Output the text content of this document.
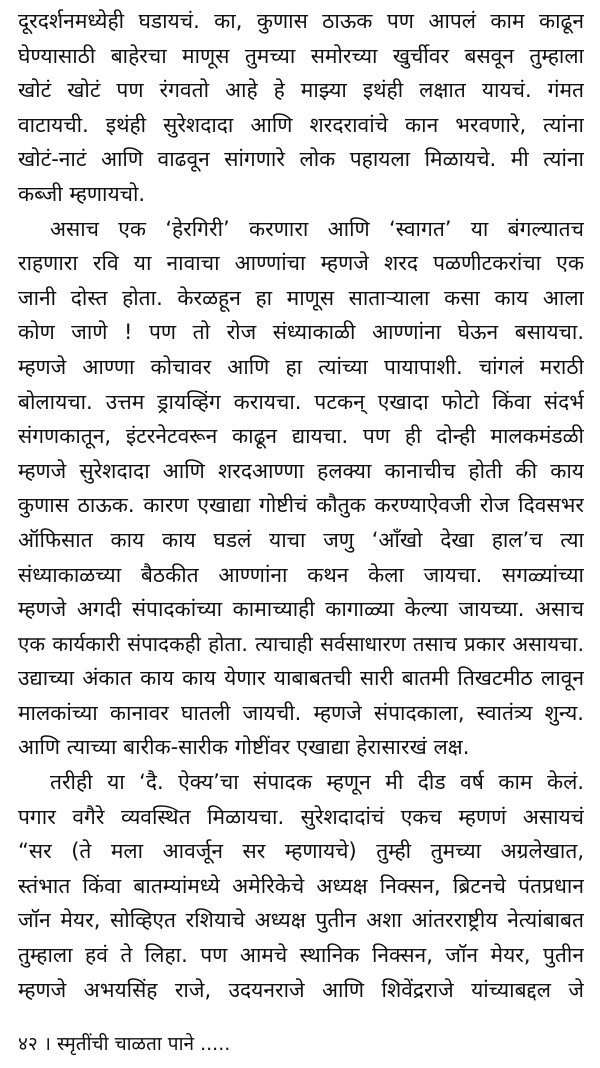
दूरदर्शनमध्येही घडायचं. का, कुणास ठाऊक पण आपलं काम काढून
घेण्यासाठी बाहेरचा माणूस तुमच्या समोरच्या खुर्चीवर बसवून तुम्हाला
खोटं खोटं पण रंगवतो आहे हे माझ्या इथंही लक्षात यायचं. गंमत
वाटायची. इथंही सुरेशदादा आणि शरदरावांचे कान भरवणारे, त्यांना
खोटं-नाटं आणि वाढवून सांगणारे लोक पहायला मिळायचे. मी त्यांना
कब्जी म्हणायचो.
असाच एक ‘हेरगिरी’ करणारा आणि ‘स्वागत’ या बंगल्यातच
राहणारा रवि या नावाचा आण्णांचा म्हणजे शरद पळणीटकरांचा एक
जानी दोस्त होता. केरळहून हा माणूस साताऱ्याला कसा काय आला
कोण जाणे ! पण तो रोज संध्याकाळी आण्णांना घेऊन बसायचा.
म्हणजे आण्णा कोचावर आणि हा त्यांच्या पायापाशी. चांगलं मराठी
बोलायचा. उत्तम ड्रायव्हिंग करायचा. पटकन् एखादा फोटो किंवा संदर्भ
संगणकातून, इंटरनेटवरून काढून द्यायचा. पण ही दोन्ही मालकमंडळी
म्हणजे सुरेशदादा आणि शरदआण्णा हलक्या कानाचीच होती की काय
कुणास ठाऊक. कारण एखाद्या गोष्टीचं कौतुक करण्याऐवजी रोज दिवसभर
ऑफिसात काय काय घडलं याचा जणु ‘आँखो देखा हाल’च त्या
संध्याकाळच्या बैठकीत आण्णांना कथन केला जायचा. सगळ्यांच्या
म्हणजे अगदी संपादकांच्या कामाच्याही कागाळ्या केल्या जायच्या. असाच
एक कार्यकारी संपादकही होता. त्याचाही सर्वसाधारण तसाच प्रकार असायचा.
उद्याच्या अंकात काय काय येणार याबाबतची सारी बातमी तिखटमीठ लावून
मालकांच्या कानावर घातली जायची. म्हणजे संपादकाला, स्वातंत्र्य शुन्य.
आणि त्याच्या बारीक-सारीक गोष्टींवर एखाद्या हेरासारखं लक्ष.
तरीही या ‘दै. ऐक्य’चा संपादक म्हणून मी दीड वर्ष काम केलं.
पगार वगैरे व्यवस्थित मिळायचा. सुरेशदादांचं एकच म्हणणं असायचं
“सर (ते मला आवर्जून सर म्हणायचे) तुम्ही तुमच्या अग्रलेखात,
स्तंभात किंवा बातम्यांमध्ये अमेरिकेचे अध्यक्ष निक्सन, ब्रिटनचे पंतप्रधान
जॉन मेयर, सोव्हिएत रशियाचे अध्यक्ष पुतीन अशा आंतरराष्ट्रीय नेत्यांबाबत
तुम्हाला हवं ते लिहा. पण आमचे स्थानिक निक्सन, जॉन मेयर, पुतीन
म्हणजे अभयसिंह राजे, उदयनराजे आणि शिवेंद्रराजे यांच्याबद्दल जे
४२ । स्मृतींची चाळता पाने .....
